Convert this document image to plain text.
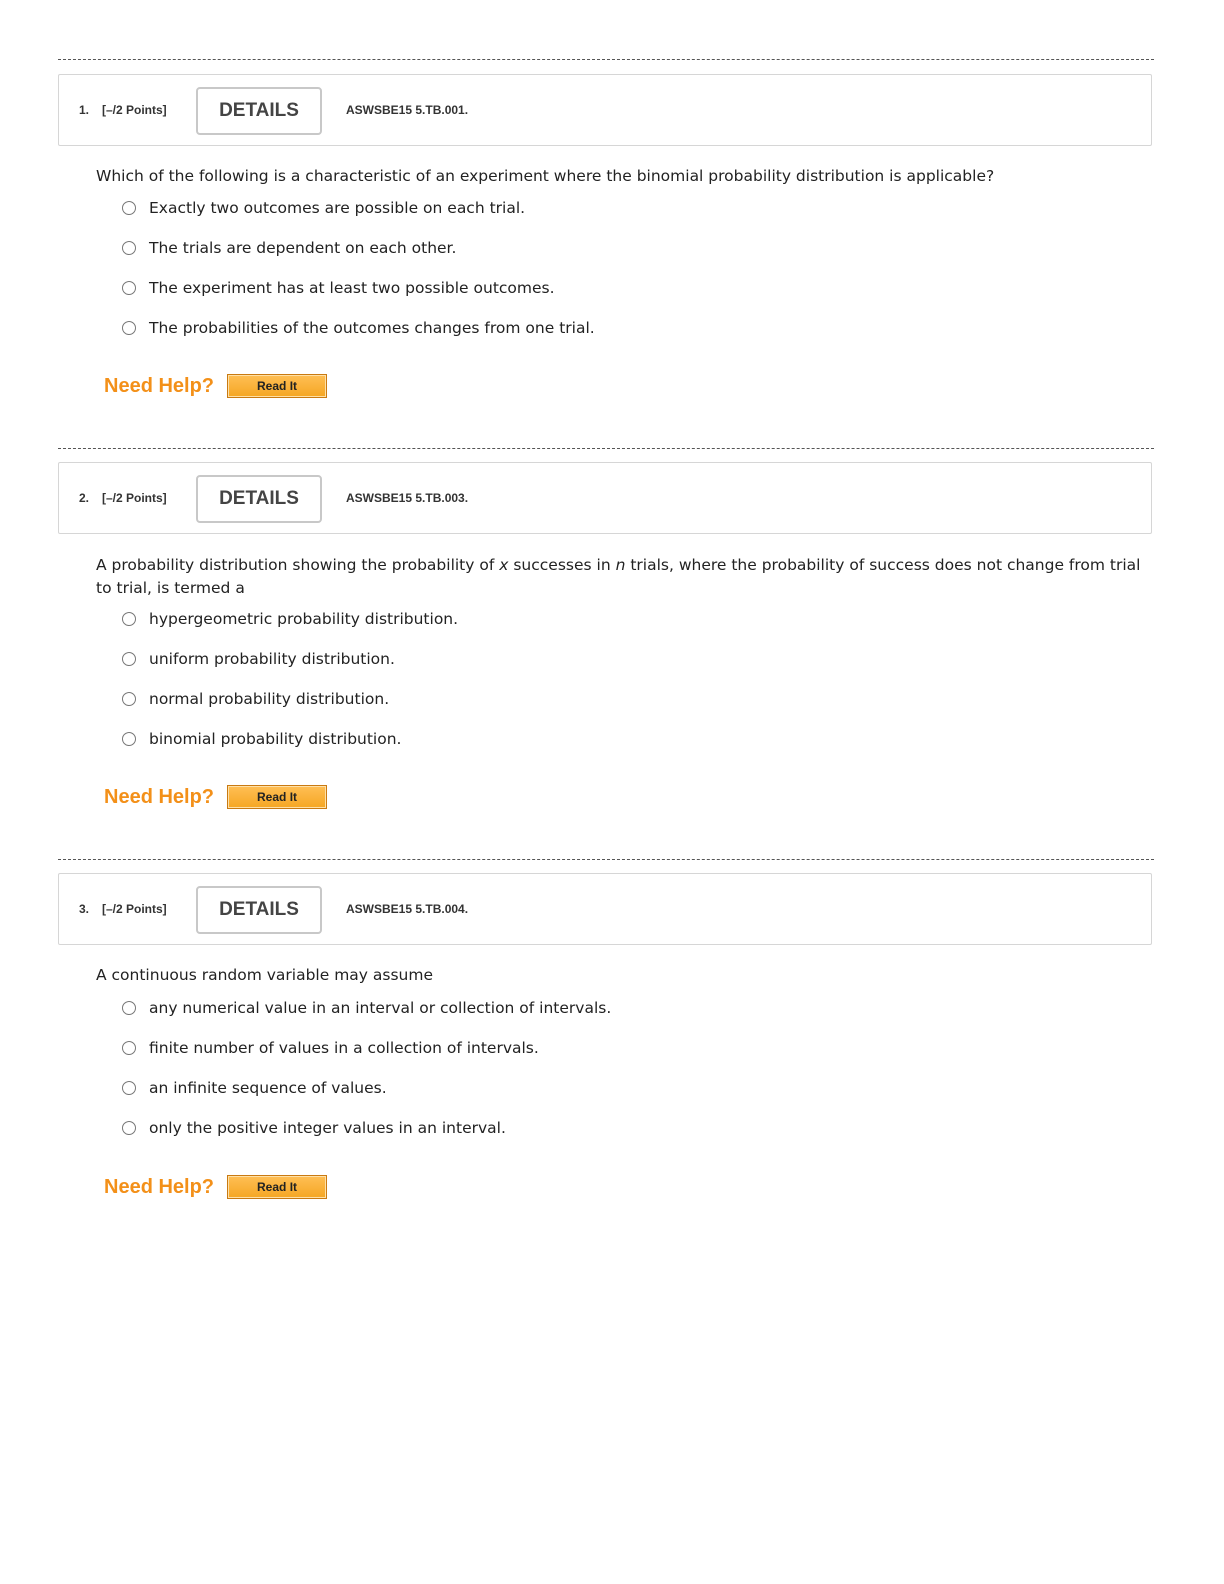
1. [–/2 Points]	DETAILS	ASWSBE15 5.TB.001.
Which of the following is a characteristic of an experiment where the binomial probability distribution is applicable?
Exactly two outcomes are possible on each trial.
The trials are dependent on each other.
The experiment has at least two possible outcomes.
The probabilities of the outcomes changes from one trial.
Need Help?	Read It
2. [–/2 Points]	DETAILS	ASWSBE15 5.TB.003.
A probability distribution showing the probability of x successes in n trials, where the probability of success does not change from trial to trial, is termed a
hypergeometric probability distribution.
uniform probability distribution.
normal probability distribution.
binomial probability distribution.
Need Help?	Read It
3. [–/2 Points]	DETAILS	ASWSBE15 5.TB.004.
A continuous random variable may assume
any numerical value in an interval or collection of intervals.
finite number of values in a collection of intervals.
an infinite sequence of values.
only the positive integer values in an interval.
Need Help?	Read It
